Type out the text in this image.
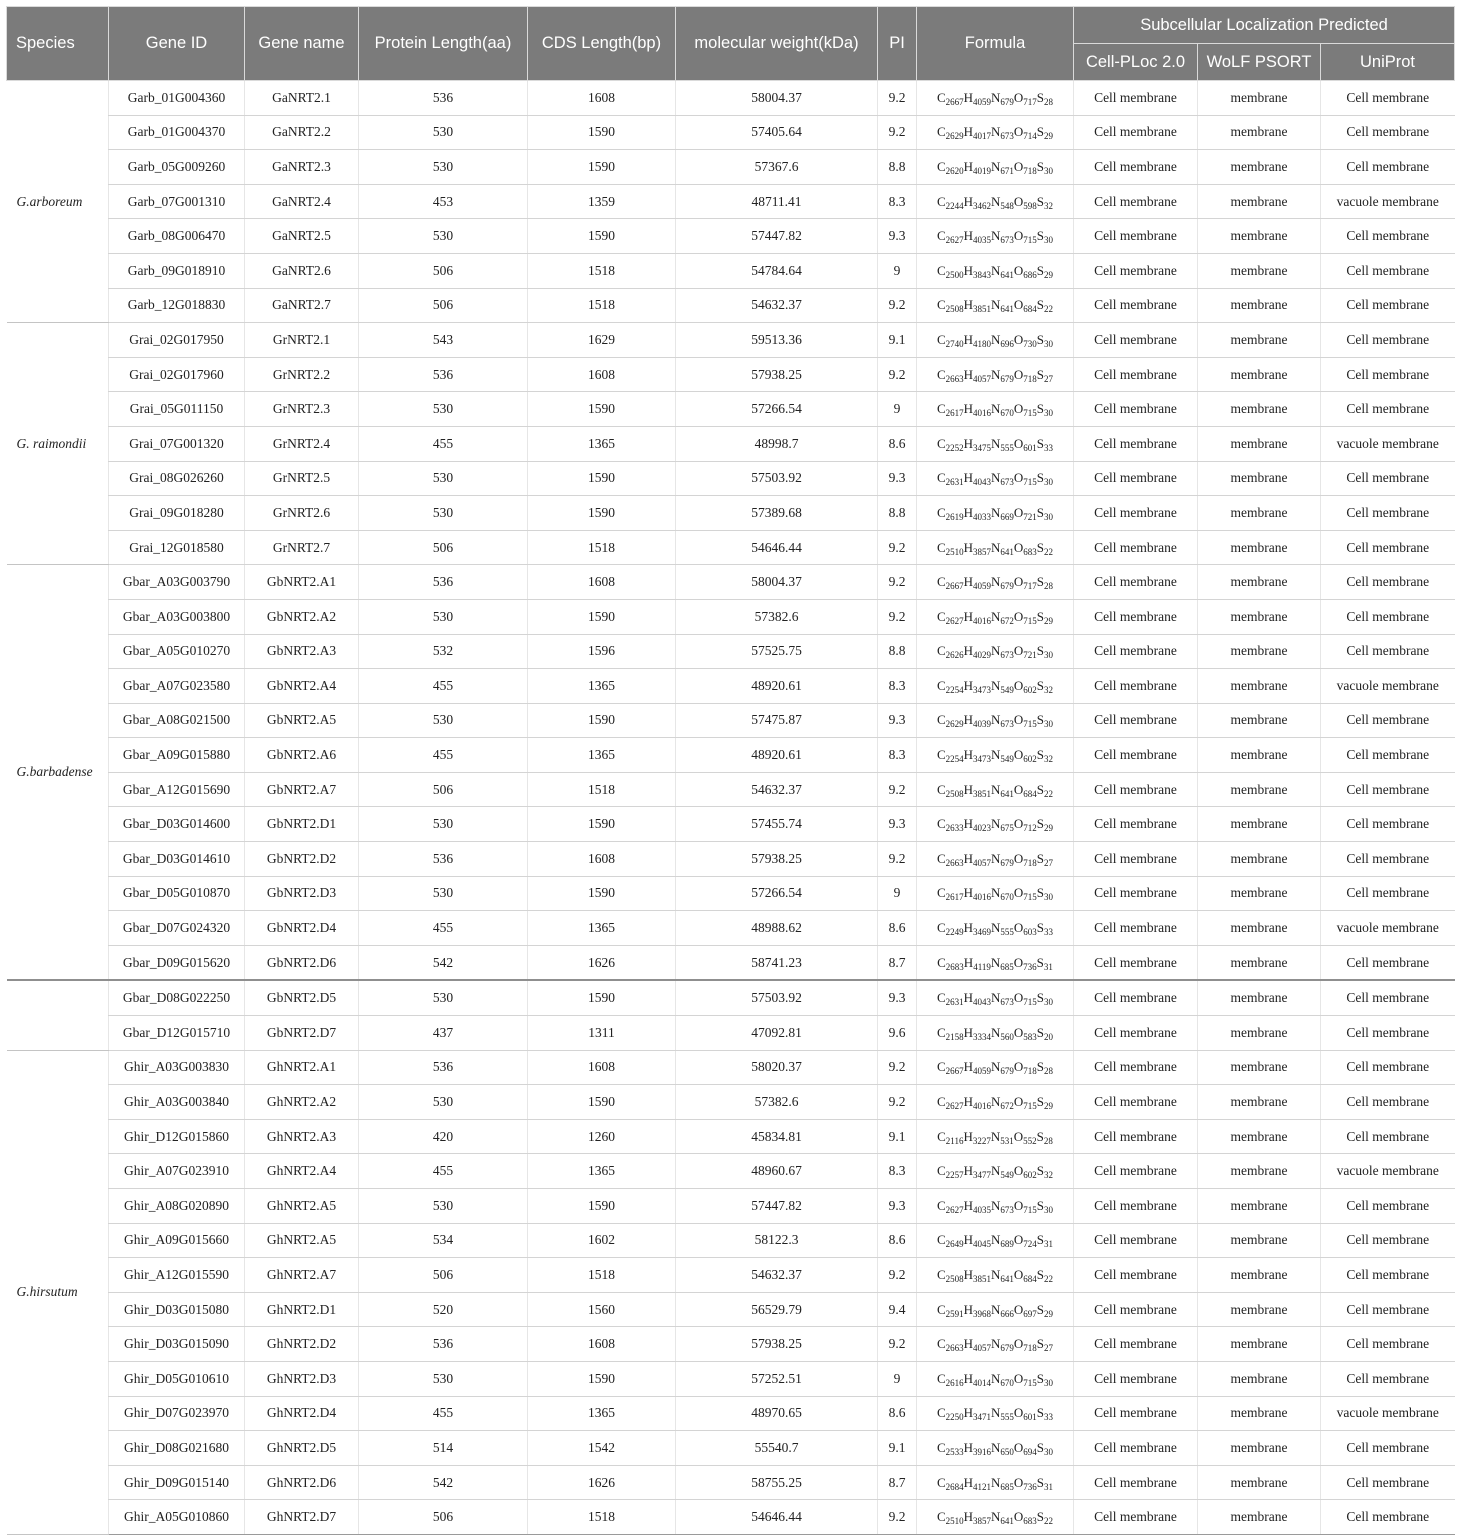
Species	Gene ID	Gene name	Protein Length(aa)	CDS Length(bp)	molecular weight(kDa)	PI	Formula	Subcellular Localization Predicted		
								Cell-PLoc 2.0	WoLF PSORT	UniProt
G.arboreum	Garb_01G004360	GaNRT2.1	536	1608	58004.37	9.2	$C_{2667}H_{4059}N_{679}O_{717}S_{28}$	Cell membrane	membrane	Cell membrane
	Garb_01G004370	GaNRT2.2	530	1590	57405.64	9.2	$C_{2629}H_{4017}N_{673}O_{714}S_{29}$	Cell membrane	membrane	Cell membrane
	Garb_05G009260	GaNRT2.3	530	1590	57367.6	8.8	$C_{2620}H_{4019}N_{671}O_{718}S_{30}$	Cell membrane	membrane	Cell membrane
	Garb_07G001310	GaNRT2.4	453	1359	48711.41	8.3	$C_{2244}H_{3462}N_{548}O_{598}S_{32}$	Cell membrane	membrane	vacuole membrane
	Garb_08G006470	GaNRT2.5	530	1590	57447.82	9.3	$C_{2627}H_{4035}N_{673}O_{715}S_{30}$	Cell membrane	membrane	Cell membrane
	Garb_09G018910	GaNRT2.6	506	1518	54784.64	9	$C_{2500}H_{3843}N_{641}O_{686}S_{29}$	Cell membrane	membrane	Cell membrane
	Garb_12G018830	GaNRT2.7	506	1518	54632.37	9.2	$C_{2508}H_{3851}N_{641}O_{684}S_{22}$	Cell membrane	membrane	Cell membrane
G. raimondii	Grai_02G017950	GrNRT2.1	543	1629	59513.36	9.1	$C_{2740}H_{4180}N_{696}O_{730}S_{30}$	Cell membrane	membrane	Cell membrane
	Grai_02G017960	GrNRT2.2	536	1608	57938.25	9.2	$C_{2663}H_{4057}N_{679}O_{718}S_{27}$	Cell membrane	membrane	Cell membrane
	Grai_05G011150	GrNRT2.3	530	1590	57266.54	9	$C_{2617}H_{4016}N_{670}O_{715}S_{30}$	Cell membrane	membrane	Cell membrane
	Grai_07G001320	GrNRT2.4	455	1365	48998.7	8.6	$C_{2252}H_{3475}N_{555}O_{601}S_{33}$	Cell membrane	membrane	vacuole membrane
	Grai_08G026260	GrNRT2.5	530	1590	57503.92	9.3	$C_{2631}H_{4043}N_{673}O_{715}S_{30}$	Cell membrane	membrane	Cell membrane
	Grai_09G018280	GrNRT2.6	530	1590	57389.68	8.8	$C_{2619}H_{4033}N_{669}O_{721}S_{30}$	Cell membrane	membrane	Cell membrane
	Grai_12G018580	GrNRT2.7	506	1518	54646.44	9.2	$C_{2510}H_{3857}N_{641}O_{683}S_{22}$	Cell membrane	membrane	Cell membrane
G.barbadense	Gbar_A03G003790	GbNRT2.A1	536	1608	58004.37	9.2	$C_{2667}H_{4059}N_{679}O_{717}S_{28}$	Cell membrane	membrane	Cell membrane
	Gbar_A03G003800	GbNRT2.A2	530	1590	57382.6	9.2	$C_{2627}H_{4016}N_{672}O_{715}S_{29}$	Cell membrane	membrane	Cell membrane
	Gbar_A05G010270	GbNRT2.A3	532	1596	57525.75	8.8	$C_{2626}H_{4029}N_{673}O_{721}S_{30}$	Cell membrane	membrane	Cell membrane
	Gbar_A07G023580	GbNRT2.A4	455	1365	48920.61	8.3	$C_{2254}H_{3473}N_{549}O_{602}S_{32}$	Cell membrane	membrane	vacuole membrane
	Gbar_A08G021500	GbNRT2.A5	530	1590	57475.87	9.3	$C_{2629}H_{4039}N_{673}O_{715}S_{30}$	Cell membrane	membrane	Cell membrane
	Gbar_A09G015880	GbNRT2.A6	455	1365	48920.61	8.3	$C_{2254}H_{3473}N_{549}O_{602}S_{32}$	Cell membrane	membrane	Cell membrane
	Gbar_A12G015690	GbNRT2.A7	506	1518	54632.37	9.2	$C_{2508}H_{3851}N_{641}O_{684}S_{22}$	Cell membrane	membrane	Cell membrane
	Gbar_D03G014600	GbNRT2.D1	530	1590	57455.74	9.3	$C_{2633}H_{4023}N_{675}O_{712}S_{29}$	Cell membrane	membrane	Cell membrane
	Gbar_D03G014610	GbNRT2.D2	536	1608	57938.25	9.2	$C_{2663}H_{4057}N_{679}O_{718}S_{27}$	Cell membrane	membrane	Cell membrane
	Gbar_D05G010870	GbNRT2.D3	530	1590	57266.54	9	$C_{2617}H_{4016}N_{670}O_{715}S_{30}$	Cell membrane	membrane	Cell membrane
	Gbar_D07G024320	GbNRT2.D4	455	1365	48988.62	8.6	$C_{2249}H_{3469}N_{555}O_{603}S_{33}$	Cell membrane	membrane	vacuole membrane
	Gbar_D09G015620	GbNRT2.D6	542	1626	58741.23	8.7	$C_{2683}H_{4119}N_{685}O_{736}S_{31}$	Cell membrane	membrane	Cell membrane
	Gbar_D08G022250	GbNRT2.D5	530	1590	57503.92	9.3	$C_{2631}H_{4043}N_{673}O_{715}S_{30}$	Cell membrane	membrane	Cell membrane
	Gbar_D12G015710	GbNRT2.D7	437	1311	47092.81	9.6	$C_{2158}H_{3334}N_{560}O_{583}S_{20}$	Cell membrane	membrane	Cell membrane
G.hirsutum	Ghir_A03G003830	GhNRT2.A1	536	1608	58020.37	9.2	$C_{2667}H_{4059}N_{679}O_{718}S_{28}$	Cell membrane	membrane	Cell membrane
	Ghir_A03G003840	GhNRT2.A2	530	1590	57382.6	9.2	$C_{2627}H_{4016}N_{672}O_{715}S_{29}$	Cell membrane	membrane	Cell membrane
	Ghir_D12G015860	GhNRT2.A3	420	1260	45834.81	9.1	$C_{2116}H_{3227}N_{531}O_{552}S_{28}$	Cell membrane	membrane	Cell membrane
	Ghir_A07G023910	GhNRT2.A4	455	1365	48960.67	8.3	$C_{2257}H_{3477}N_{549}O_{602}S_{32}$	Cell membrane	membrane	vacuole membrane
	Ghir_A08G020890	GhNRT2.A5	530	1590	57447.82	9.3	$C_{2627}H_{4035}N_{673}O_{715}S_{30}$	Cell membrane	membrane	Cell membrane
	Ghir_A09G015660	GhNRT2.A5	534	1602	58122.3	8.6	$C_{2649}H_{4045}N_{689}O_{724}S_{31}$	Cell membrane	membrane	Cell membrane
	Ghir_A12G015590	GhNRT2.A7	506	1518	54632.37	9.2	$C_{2508}H_{3851}N_{641}O_{684}S_{22}$	Cell membrane	membrane	Cell membrane
	Ghir_D03G015080	GhNRT2.D1	520	1560	56529.79	9.4	$C_{2591}H_{3968}N_{666}O_{697}S_{29}$	Cell membrane	membrane	Cell membrane
	Ghir_D03G015090	GhNRT2.D2	536	1608	57938.25	9.2	$C_{2663}H_{4057}N_{679}O_{718}S_{27}$	Cell membrane	membrane	Cell membrane
	Ghir_D05G010610	GhNRT2.D3	530	1590	57252.51	9	$C_{2616}H_{4014}N_{670}O_{715}S_{30}$	Cell membrane	membrane	Cell membrane
	Ghir_D07G023970	GhNRT2.D4	455	1365	48970.65	8.6	$C_{2250}H_{3471}N_{555}O_{601}S_{33}$	Cell membrane	membrane	vacuole membrane
	Ghir_D08G021680	GhNRT2.D5	514	1542	55540.7	9.1	$C_{2533}H_{3916}N_{650}O_{694}S_{30}$	Cell membrane	membrane	Cell membrane
	Ghir_D09G015140	GhNRT2.D6	542	1626	58755.25	8.7	$C_{2684}H_{4121}N_{685}O_{736}S_{31}$	Cell membrane	membrane	Cell membrane
	Ghir_A05G010860	GhNRT2.D7	506	1518	54646.44	9.2	$C_{2510}H_{3857}N_{641}O_{683}S_{22}$	Cell membrane	membrane	Cell membrane
